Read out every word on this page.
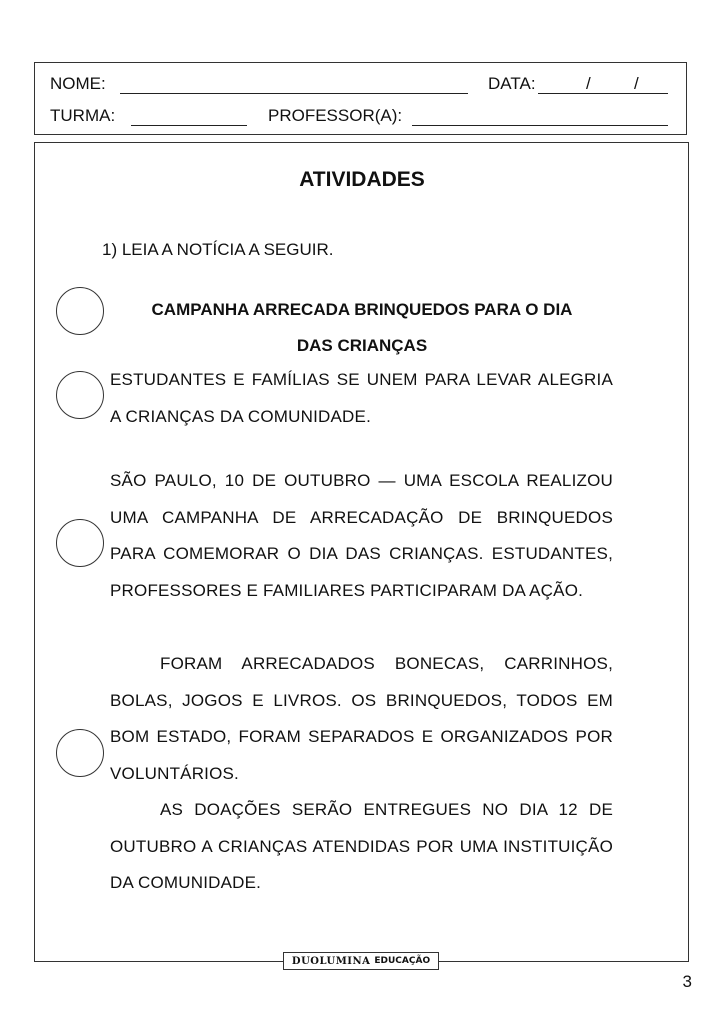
NOME:	DATA:	/	/
TURMA:	PROFESSOR(A):
ATIVIDADES
1) LEIA A NOTÍCIA A SEGUIR.
CAMPANHA ARRECADA BRINQUEDOS PARA O DIA
DAS CRIANÇAS
ESTUDANTES E FAMÍLIAS SE UNEM PARA LEVAR ALEGRIA A CRIANÇAS DA COMUNIDADE.
SÃO PAULO, 10 DE OUTUBRO — UMA ESCOLA REALIZOU UMA CAMPANHA DE ARRECADAÇÃO DE BRINQUEDOS PARA COMEMORAR O DIA DAS CRIANÇAS. ESTUDANTES, PROFESSORES E FAMILIARES PARTICIPARAM DA AÇÃO.
FORAM ARRECADADOS BONECAS, CARRINHOS, BOLAS, JOGOS E LIVROS. OS BRINQUEDOS, TODOS EM BOM ESTADO, FORAM SEPARADOS E ORGANIZADOS POR VOLUNTÁRIOS.
AS DOAÇÕES SERÃO ENTREGUES NO DIA 12 DE OUTUBRO A CRIANÇAS ATENDIDAS POR UMA INSTITUIÇÃO DA COMUNIDADE.
DUOLUMINA EDUCAÇÃO
3
